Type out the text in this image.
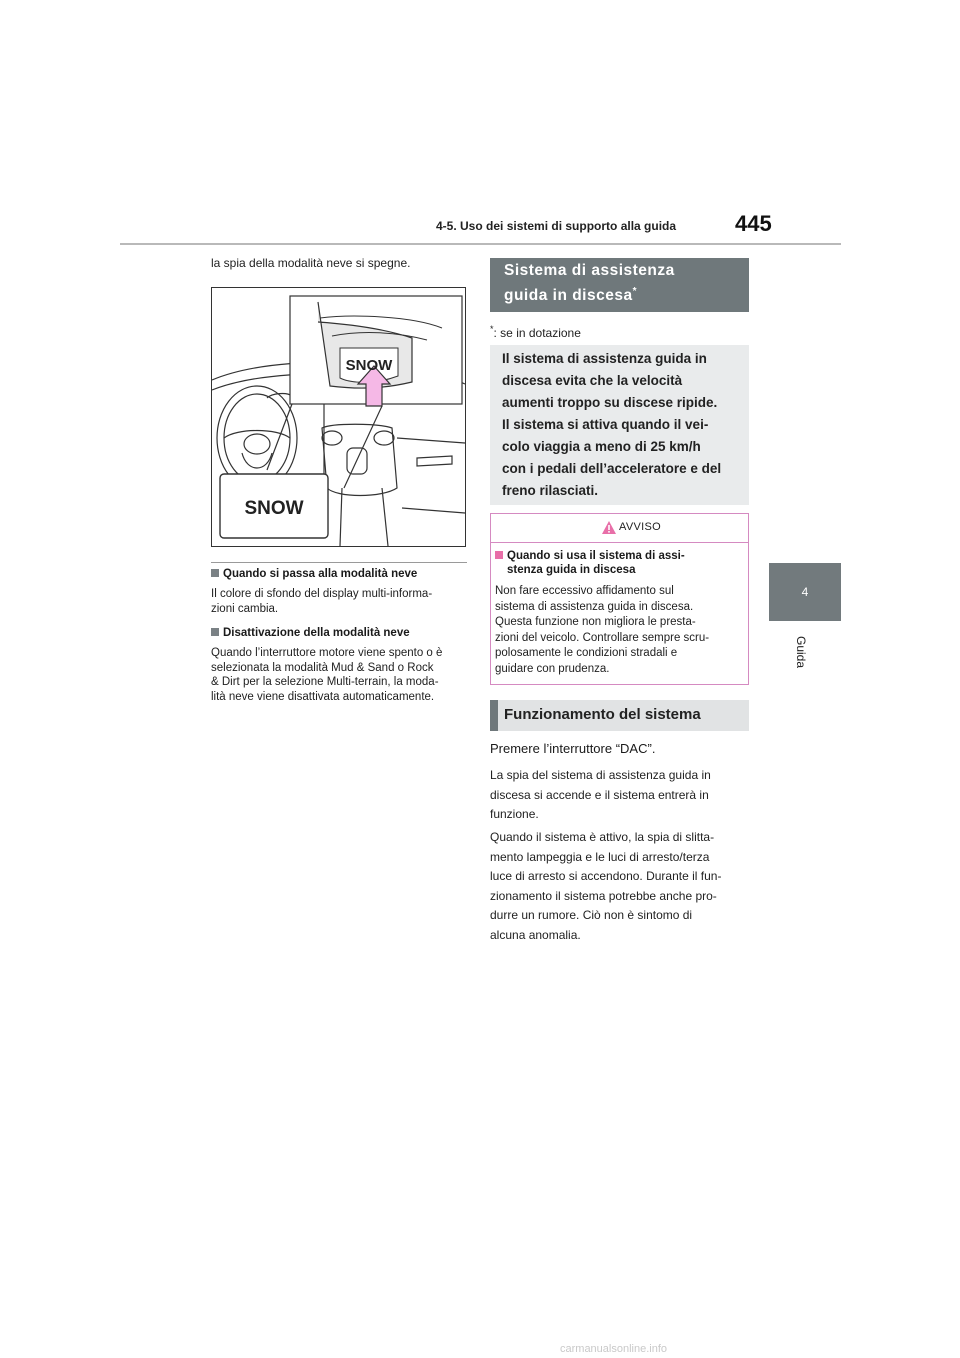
4-5. Uso dei sistemi di supporto alla guida	445
4
Guida
la spia della modalità neve si spegne.
SNOW
SNOW
Quando si passa alla modalità neve
Il colore di sfondo del display multi-informa-
zioni cambia.
Disattivazione della modalità neve
Quando l’interruttore motore viene spento o è
selezionata la modalità Mud & Sand o Rock
& Dirt per la selezione Multi-terrain, la moda-
lità neve viene disattivata automaticamente.
Sistema di assistenza
guida in discesa*
*: se in dotazione

Il sistema di assistenza guida in

discesa evita che la velocità

aumenti troppo su discese ripide.

Il sistema si attiva quando il vei-

colo viaggia a meno di 25 km/h

con i pedali dell’acceleratore e del

freno rilasciati.

AVVISO
Quando si usa il sistema di assi-
stenza guida in discesa
Non fare eccessivo affidamento sul
sistema di assistenza guida in discesa.
Questa funzione non migliora le presta-
zioni del veicolo. Controllare sempre scru-
polosamente le condizioni stradali e
guidare con prudenza.
Funzionamento del sistema
Premere l’interruttore “DAC”.
La spia del sistema di assistenza guida in
discesa si accende e il sistema entrerà in
funzione.
Quando il sistema è attivo, la spia di slitta-
mento lampeggia e le luci di arresto/terza
luce di arresto si accendono. Durante il fun-
zionamento il sistema potrebbe anche pro-
durre un rumore. Ciò non è sintomo di
alcuna anomalia.
carmanualsonline.info
